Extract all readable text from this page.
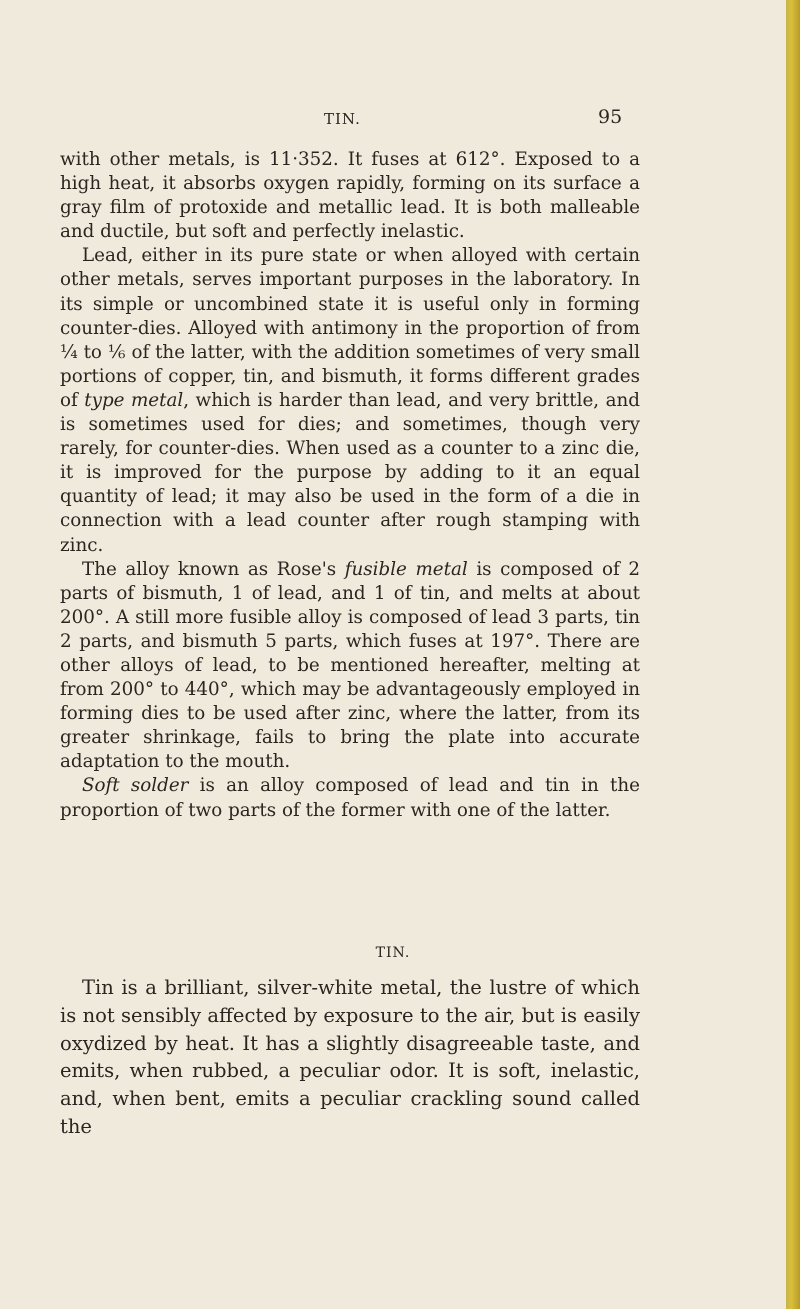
TIN.	95

with other metals, is 11·352. It fuses at 612°. Exposed to a high heat, it absorbs oxygen rapidly, forming on its surface a gray film of protoxide and metallic lead. It is both malleable and ductile, but soft and perfectly inelastic.

Lead, either in its pure state or when alloyed with certain other metals, serves important purposes in the laboratory. In its simple or uncombined state it is useful only in forming counter-dies. Alloyed with antimony in the proportion of from ¼ to ⅙ of the latter, with the addition sometimes of very small portions of copper, tin, and bismuth, it forms different grades of type metal, which is harder than lead, and very brittle, and is sometimes used for dies; and sometimes, though very rarely, for counter-dies. When used as a counter to a zinc die, it is improved for the purpose by adding to it an equal quantity of lead; it may also be used in the form of a die in connection with a lead counter after rough stamping with zinc.

The alloy known as Rose's fusible metal is composed of 2 parts of bismuth, 1 of lead, and 1 of tin, and melts at about 200°. A still more fusible alloy is composed of lead 3 parts, tin 2 parts, and bismuth 5 parts, which fuses at 197°. There are other alloys of lead, to be mentioned hereafter, melting at from 200° to 440°, which may be advantageously employed in forming dies to be used after zinc, where the latter, from its greater shrinkage, fails to bring the plate into accurate adaptation to the mouth.

Soft solder is an alloy composed of lead and tin in the proportion of two parts of the former with one of the latter.

TIN.

Tin is a brilliant, silver-white metal, the lustre of which is not sensibly affected by exposure to the air, but is easily oxydized by heat. It has a slightly disagreeable taste, and emits, when rubbed, a peculiar odor. It is soft, inelastic, and, when bent, emits a peculiar crackling sound called the
